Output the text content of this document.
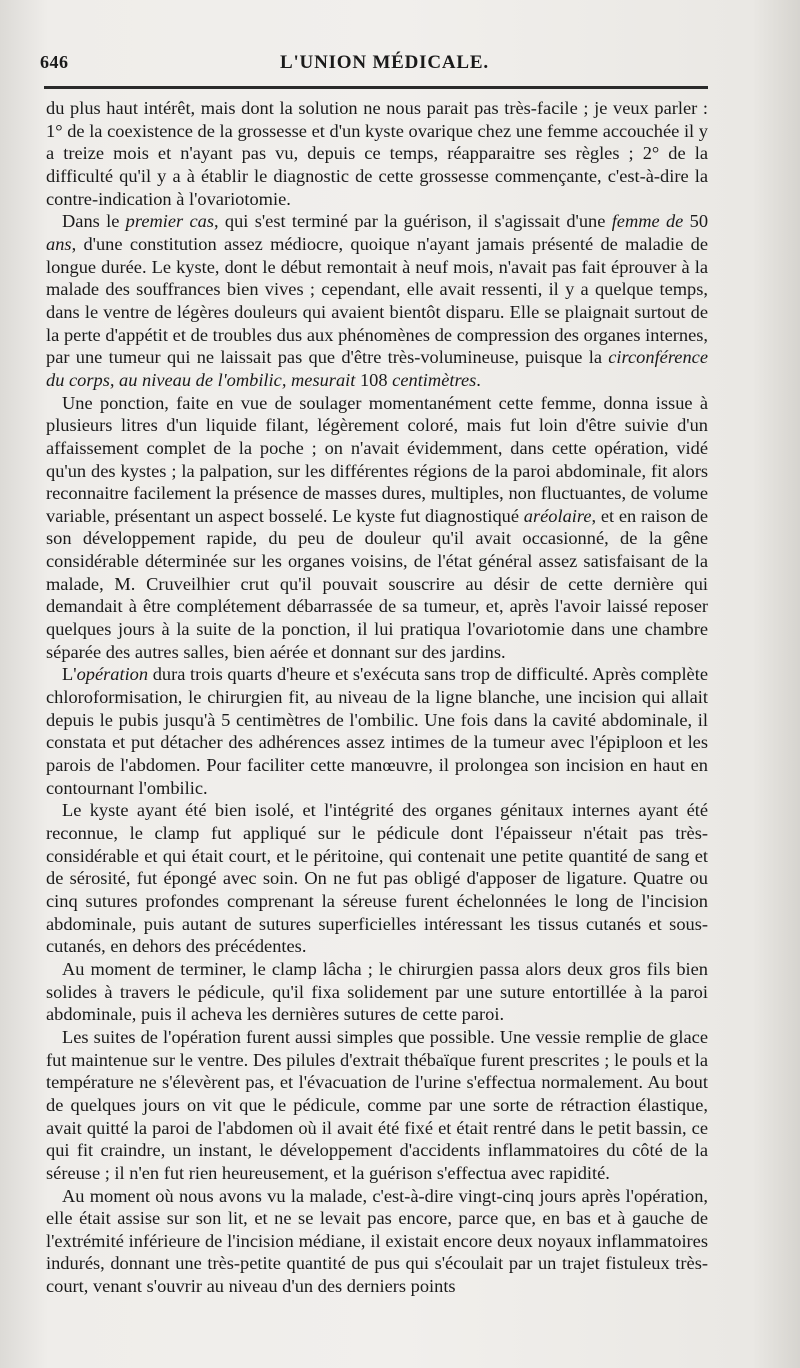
646	L'UNION MÉDICALE.

du plus haut intérêt, mais dont la solution ne nous parait pas très-facile ; je veux parler : 1° de la coexistence de la grossesse et d'un kyste ovarique chez une femme accouchée il y a treize mois et n'ayant pas vu, depuis ce temps, réapparaitre ses règles ; 2° de la difficulté qu'il y a à établir le diagnostic de cette grossesse commençante, c'est-à-dire la contre-indication à l'ovariotomie.

Dans le premier cas, qui s'est terminé par la guérison, il s'agissait d'une femme de 50 ans, d'une constitution assez médiocre, quoique n'ayant jamais présenté de maladie de longue durée. Le kyste, dont le début remontait à neuf mois, n'avait pas fait éprouver à la malade des souffrances bien vives ; cependant, elle avait ressenti, il y a quelque temps, dans le ventre de légères douleurs qui avaient bientôt disparu. Elle se plaignait surtout de la perte d'appétit et de troubles dus aux phénomènes de compression des organes internes, par une tumeur qui ne laissait pas que d'être très-volumineuse, puisque la circonférence du corps, au niveau de l'ombilic, mesurait 108 centimètres.

Une ponction, faite en vue de soulager momentanément cette femme, donna issue à plusieurs litres d'un liquide filant, légèrement coloré, mais fut loin d'être suivie d'un affaissement complet de la poche ; on n'avait évidemment, dans cette opération, vidé qu'un des kystes ; la palpation, sur les différentes régions de la paroi abdominale, fit alors reconnaitre facilement la présence de masses dures, multiples, non fluctuantes, de volume variable, présentant un aspect bosselé. Le kyste fut diagnostiqué aréolaire, et en raison de son développement rapide, du peu de douleur qu'il avait occasionné, de la gêne considérable déterminée sur les organes voisins, de l'état général assez satisfaisant de la malade, M. Cruveilhier crut qu'il pouvait souscrire au désir de cette dernière qui demandait à être complétement débarrassée de sa tumeur, et, après l'avoir laissé reposer quelques jours à la suite de la ponction, il lui pratiqua l'ovariotomie dans une chambre séparée des autres salles, bien aérée et donnant sur des jardins.

L'opération dura trois quarts d'heure et s'exécuta sans trop de difficulté. Après complète chloroformisation, le chirurgien fit, au niveau de la ligne blanche, une incision qui allait depuis le pubis jusqu'à 5 centimètres de l'ombilic. Une fois dans la cavité abdominale, il constata et put détacher des adhérences assez intimes de la tumeur avec l'épiploon et les parois de l'abdomen. Pour faciliter cette manœuvre, il prolongea son incision en haut en contournant l'ombilic.

Le kyste ayant été bien isolé, et l'intégrité des organes génitaux internes ayant été reconnue, le clamp fut appliqué sur le pédicule dont l'épaisseur n'était pas très-considérable et qui était court, et le péritoine, qui contenait une petite quantité de sang et de sérosité, fut épongé avec soin. On ne fut pas obligé d'apposer de ligature. Quatre ou cinq sutures profondes comprenant la séreuse furent échelonnées le long de l'incision abdominale, puis autant de sutures superficielles intéressant les tissus cutanés et sous-cutanés, en dehors des précédentes.

Au moment de terminer, le clamp lâcha ; le chirurgien passa alors deux gros fils bien solides à travers le pédicule, qu'il fixa solidement par une suture entortillée à la paroi abdominale, puis il acheva les dernières sutures de cette paroi.

Les suites de l'opération furent aussi simples que possible. Une vessie remplie de glace fut maintenue sur le ventre. Des pilules d'extrait thébaïque furent prescrites ; le pouls et la température ne s'élevèrent pas, et l'évacuation de l'urine s'effectua normalement. Au bout de quelques jours on vit que le pédicule, comme par une sorte de rétraction élastique, avait quitté la paroi de l'abdomen où il avait été fixé et était rentré dans le petit bassin, ce qui fit craindre, un instant, le développement d'accidents inflammatoires du côté de la séreuse ; il n'en fut rien heureusement, et la guérison s'effectua avec rapidité.

Au moment où nous avons vu la malade, c'est-à-dire vingt-cinq jours après l'opération, elle était assise sur son lit, et ne se levait pas encore, parce que, en bas et à gauche de l'extrémité inférieure de l'incision médiane, il existait encore deux noyaux inflammatoires indurés, donnant une très-petite quantité de pus qui s'écoulait par un trajet fistuleux très-court, venant s'ouvrir au niveau d'un des derniers points
